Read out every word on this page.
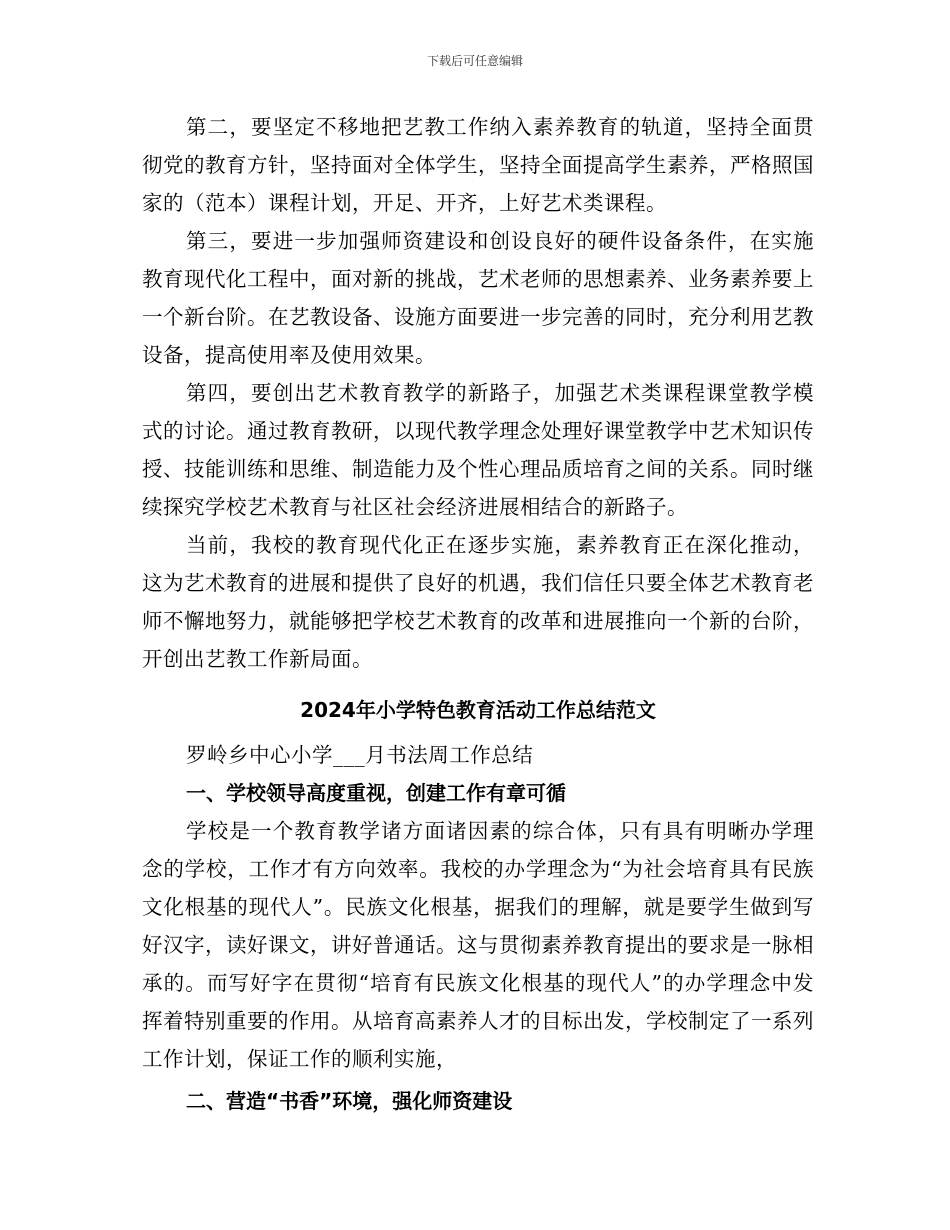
下载后可任意编辑

第二，要坚定不移地把艺教工作纳入素养教育的轨道，坚持全面贯彻党的教育方针，坚持面对全体学生，坚持全面提高学生素养，严格照国家的（范本）课程计划，开足、开齐，上好艺术类课程。

第三，要进一步加强师资建设和创设良好的硬件设备条件，在实施教育现代化工程中，面对新的挑战，艺术老师的思想素养、业务素养要上一个新台阶。在艺教设备、设施方面要进一步完善的同时，充分利用艺教设备，提高使用率及使用效果。

第四，要创出艺术教育教学的新路子，加强艺术类课程课堂教学模式的讨论。通过教育教研，以现代教学理念处理好课堂教学中艺术知识传授、技能训练和思维、制造能力及个性心理品质培育之间的关系。同时继续探究学校艺术教育与社区社会经济进展相结合的新路子。

当前，我校的教育现代化正在逐步实施，素养教育正在深化推动，这为艺术教育的进展和提供了良好的机遇，我们信任只要全体艺术教育老师不懈地努力，就能够把学校艺术教育的改革和进展推向一个新的台阶，开创出艺教工作新局面。

2024年小学特色教育活动工作总结范文

罗岭乡中心小学___月书法周工作总结

一、学校领导高度重视，创建工作有章可循

学校是一个教育教学诸方面诸因素的综合体，只有具有明晰办学理念的学校，工作才有方向效率。我校的办学理念为“为社会培育具有民族文化根基的现代人”。民族文化根基，据我们的理解，就是要学生做到写好汉字，读好课文，讲好普通话。这与贯彻素养教育提出的要求是一脉相承的。而写好字在贯彻“培育有民族文化根基的现代人”的办学理念中发挥着特别重要的作用。从培育高素养人才的目标出发，学校制定了一系列工作计划，保证工作的顺利实施，

二、营造“书香”环境，强化师资建设
